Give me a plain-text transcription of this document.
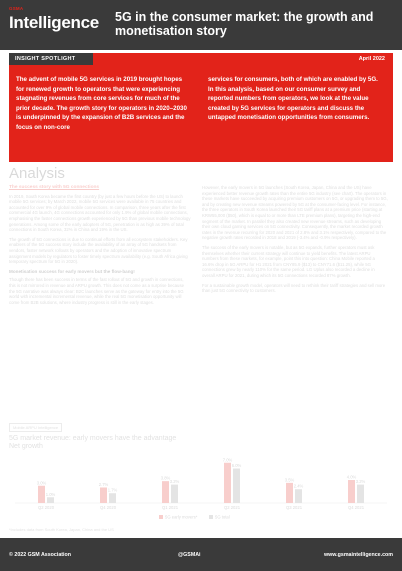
GSMA
Intelligence 5G in the consumer market: the growth and monetisation story
INSIGHT SPOTLIGHT	April 2022
The advent of mobile 5G services in 2019 brought hopes for renewed growth to operators that were experiencing stagnating revenues from core services for much of the prior decade. The growth story for operators in 2020–2030 is underpinned by the expansion of B2B services and the focus on non-core
services for consumers, both of which are enabled by 5G. In this analysis, based on our consumer survey and reported numbers from operators, we look at the value created by 5G services for operators and discuss the untapped monetisation opportunities from consumers.
Analysis
The success story with 5G connections

In 2019, South Korea became the first country (by just a few hours before the US) to launch mobile 5G services; by March 2022, mobile 5G services were available in 75 countries and accounted for over 9% of global mobile connections. In comparison, three years after the first commercial 4G launch, 4G connections accounted for only 1.9% of global mobile connections, emphasising the faster connections growth experienced by 5G than previous mobile technology generations. Among some of the early adopters of 5G, penetration is as high as 39% of total connections in South Korea, 32% in China and 19% in the US.

The growth of 5G connections is due to continual efforts from all ecosystem stakeholders. Key enablers of the 5G success story include the availability of an array of 5G handsets from vendors, faster network rollouts by operators and the adoption of innovative spectrum assignment models by regulators to foster timely spectrum availability (e.g. South Africa giving temporary spectrum for 5G in 2020).

Monetisation success for early movers but the flow-bang!

Though there has been success in terms of the fast rollout of 5G and growth in connections, this is not mirrored in revenue and ARPU growth. This does not come as a surprise because the 5G narrative was always clear: B2C launches serve as the gateway for entry into the 5G world with incremental incremental revenue, while the real 5G monetisation opportunity will come from B2B solutions, where industry progress is still in the early stages.

However, the early movers in 5G launches (South Korea, Japan, China and the US) have experienced better revenue growth rates than the entire 5G industry (see chart). The operators in these markets have succeeded by acquiring premium customers on 5G, or upgrading them to 5G, and by creating new revenue streams powered by 5G at the consumer-facing level. For instance, the three operators in South Korea launched their 5G tariff plans at a premium price (starting at KRW55,000 ($50), which is equal to or more than LTE premium plans), targeting the high-end segment of the market. In parallel they also created new revenue streams, such as developing their own cloud gaming services on 5G connectivity. Consequently, the market recorded growth rates in the revenue recurring for 2020 and 2021 of 2.8% and 3.1% respectively, compared to the negative growth rates recorded in 2018 and 2019 (-3.4% and -0.9% respectively).

The success of the early movers is notable, but as 5G expands, further operators must ask themselves whether their current strategy will continue to yield benefits. The latest ARPU numbers from these markets, for example, point this into question: China Mobile reported a 16.6% drop in 5G ARPU for H1 2021 from CNY85.9 ($13) to CNY71.6 ($11.25), while 5G connections grew by nearly 110% for the same period. LG Uplus also recorded a decline in overall ARPU for 2021, during which its 5G connections recorded 87% growth.

For a sustainable growth model, operators will need to rethink their tariff strategies and sell more than just 5G connectivity to customers.

Mobile ARPU Intelligence
5G market revenue: early movers have the advantage
Net growth
3.0%
1.0%
Q2 2020
2.7%
1.7%
Q4 2020
3.8%
3.2%
Q1 2021
7.0%
6.0%
Q2 2021
3.5%
2.4%
Q3 2021
4.0%
3.2%
Q4 2021
5G early movers*	5G total
*Includes data from South Korea, Japan, China and the US
© 2022 GSM Association	@GSMAi	www.gsmaintelligence.com
